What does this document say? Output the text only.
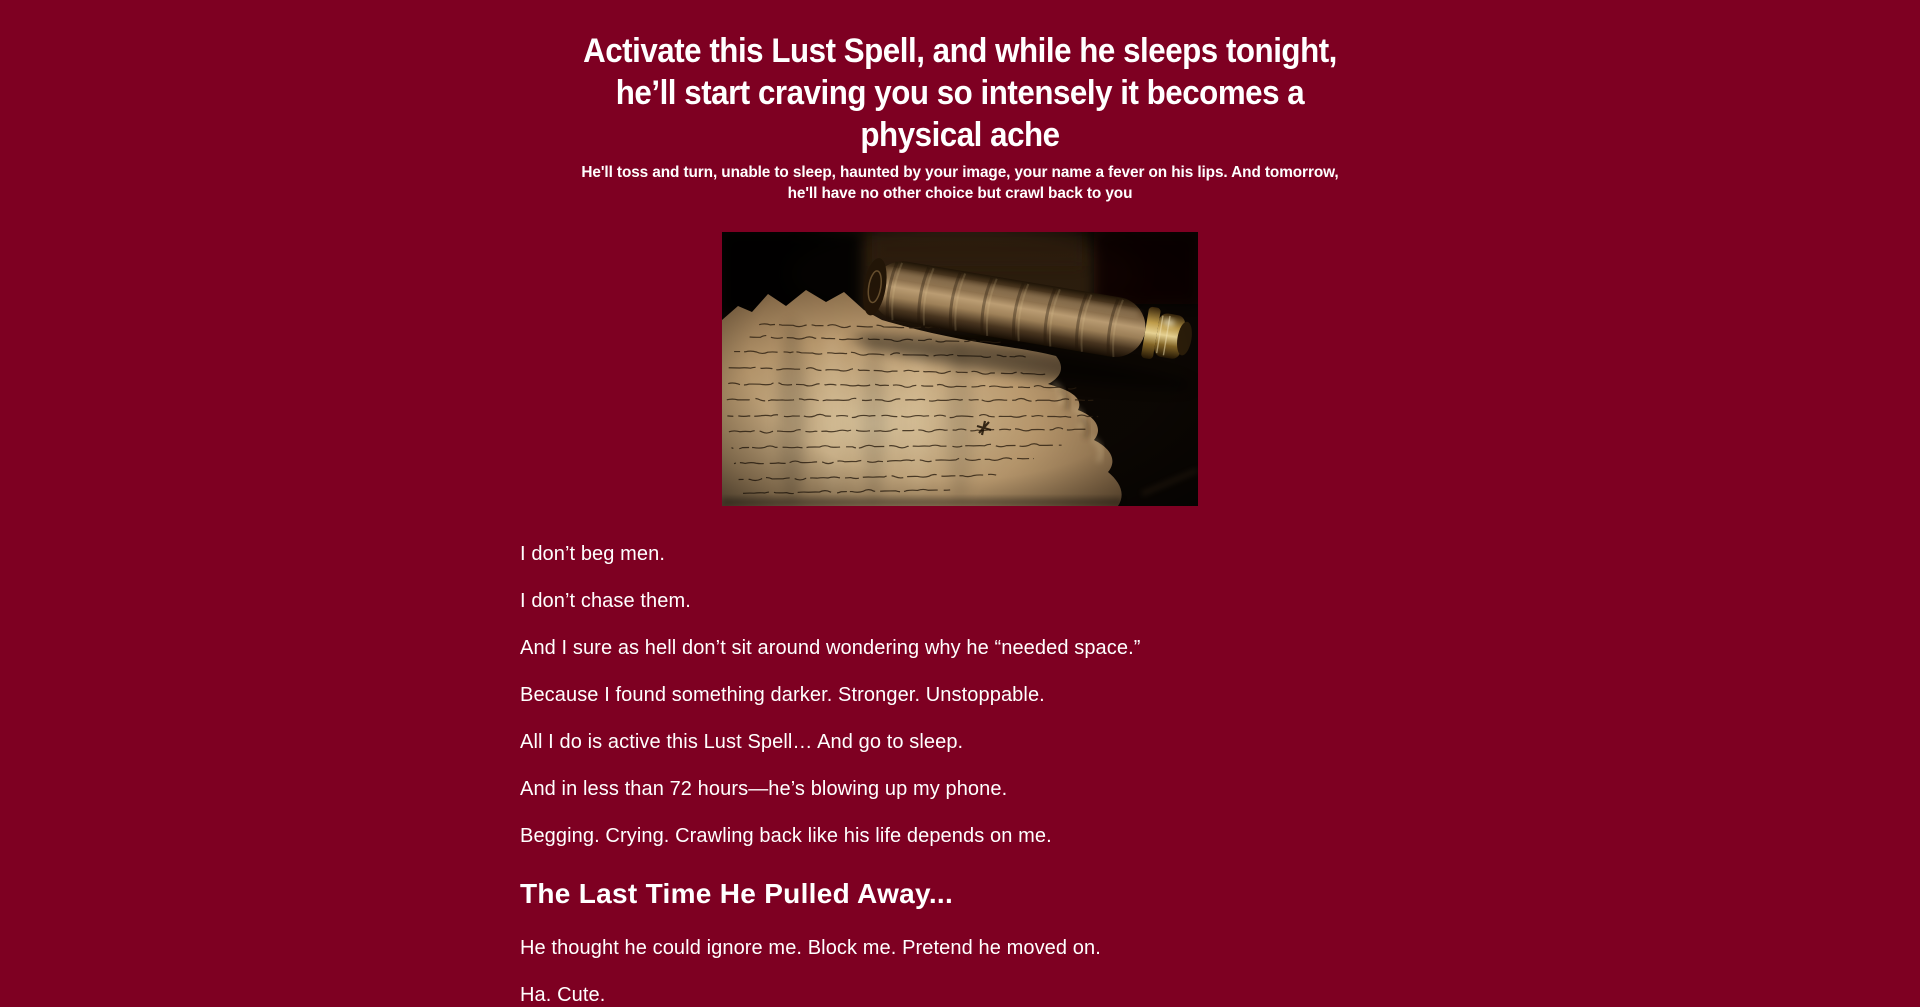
Activate this Lust Spell, and while he sleeps tonight,
he’ll start craving you so intensely it becomes a
physical ache

He'll toss and turn, unable to sleep, haunted by your image, your name a fever on his lips. And tomorrow,
he'll have no other choice but crawl back to you

I don’t beg men.

I don’t chase them.

And I sure as hell don’t sit around wondering why he “needed space.”

Because I found something darker. Stronger. Unstoppable.

All I do is active this Lust Spell… And go to sleep.

And in less than 72 hours—he’s blowing up my phone.

Begging. Crying. Crawling back like his life depends on me.

The Last Time He Pulled Away...

He thought he could ignore me. Block me. Pretend he moved on.

Ha. Cute.
